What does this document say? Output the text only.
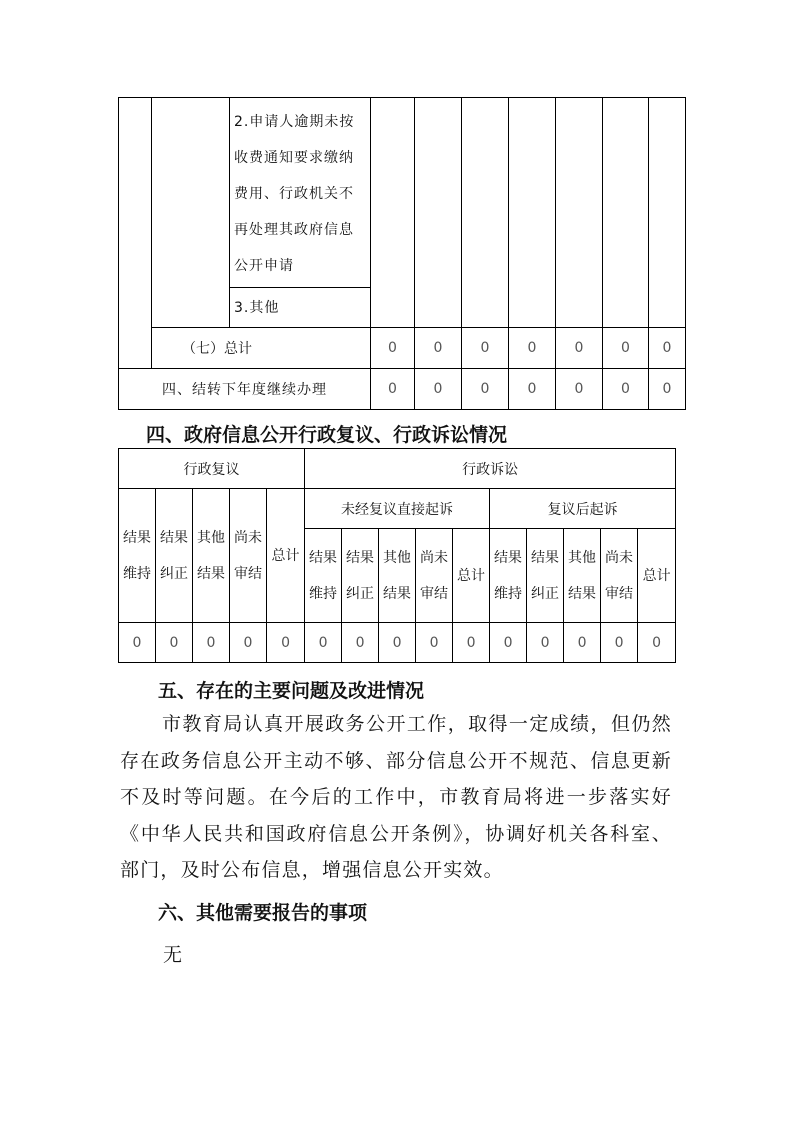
		2.申请人逾期未按收费通知要求缴纳费用、行政机关不再处理其政府信息公开申请							
		3.其他							
	（七）总计		0	0	0	0	0	0	0
四、结转下年度继续办理			0	0	0	0	0	0	0
四、政府信息公开行政复议、行政诉讼情况
行政复议					行政诉讼									
结果维持	结果纠正	其他结果	尚未审结	总计	未经复议直接起诉					复议后起诉				
					结果维持	结果纠正	其他结果	尚未审结	总计	结果维持	结果纠正	其他结果	尚未审结	总计
0	0	0	0	0	0	0	0	0	0	0	0	0	0	0
五、存在的主要问题及改进情况
市教育局认真开展政务公开工作，取得一定成绩，但仍然存在政务信息公开主动不够、部分信息公开不规范、信息更新不及时等问题。在今后的工作中，市教育局将进一步落实好《中华人民共和国政府信息公开条例》，协调好机关各科室、部门，及时公布信息，增强信息公开实效。
六、其他需要报告的事项
无
